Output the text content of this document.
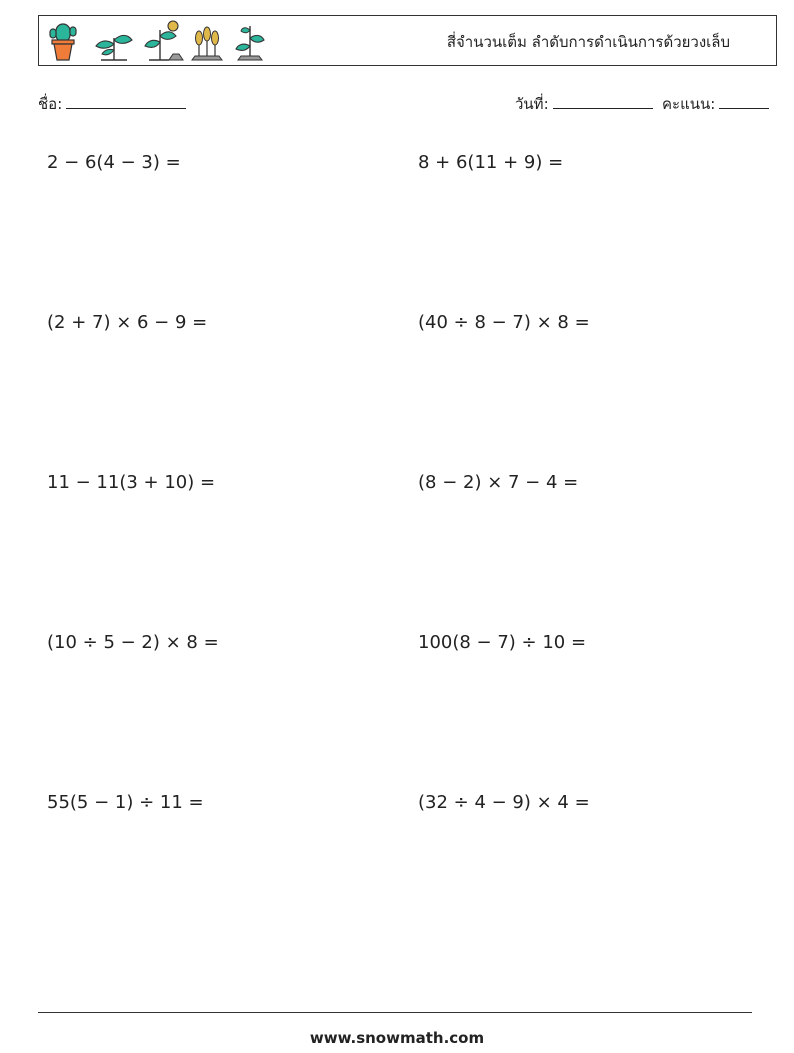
สี่จำนวนเต็ม ลำดับการดำเนินการด้วยวงเล็บ
ชื่อ:	วันที่:	คะแนน:
2 − 6(4 − 3) =	8 + 6(11 + 9) =
(2 + 7) × 6 − 9 =	(40 ÷ 8 − 7) × 8 =
11 − 11(3 + 10) =	(8 − 2) × 7 − 4 =
(10 ÷ 5 − 2) × 8 =	100(8 − 7) ÷ 10 =
55(5 − 1) ÷ 11 =	(32 ÷ 4 − 9) × 4 =
www.snowmath.com
